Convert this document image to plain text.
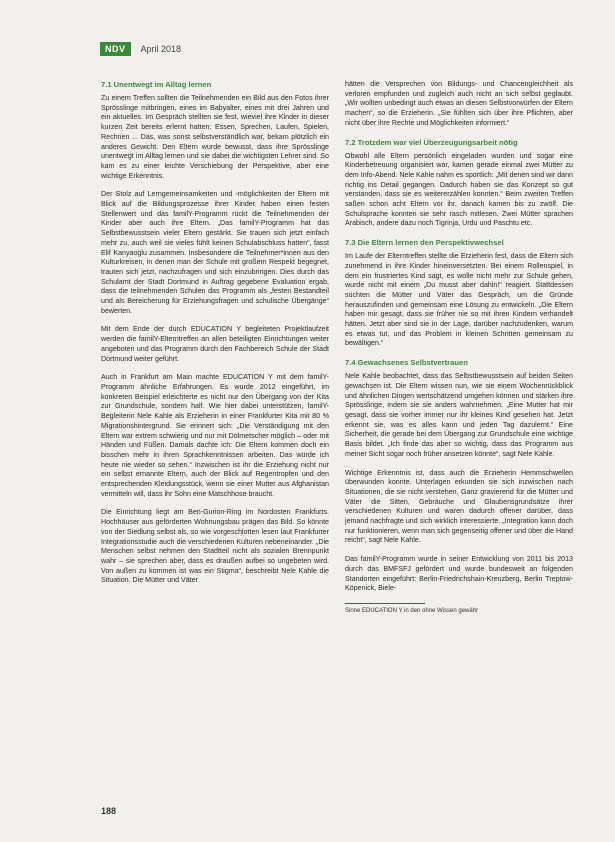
NDV	April 2018
7.1 Unentwegt im Alltag lernen

Zu einem Treffen sollten die Teilnehmenden ein Bild aus den Fotos ihrer Sprösslinge mitbringen, eines im Babyalter, eines mit drei Jahren und ein aktuelles. Im Gespräch stellten sie fest, wieviel ihre Kinder in dieser kurzen Zeit bereits erlernt hatten: Essen, Sprechen, Laufen, Spielen, Rechnen ... Das, was sonst selbstverständlich war, bekam plötzlich ein anderes Gewicht. Den Eltern wurde bewusst, dass ihre Sprösslinge unentwegt im Alltag lernen und sie dabei die wichtigsten Lehrer sind. So kam es zu einer leichte Verschiebung der Perspektive, aber eine wichtige Erkenntnis.

Der Stolz auf Lerngemeinsamkeiten und -möglichkeiten der Eltern mit Blick auf die Bildungsprozesse ihrer Kinder haben einen festen Stellenwert und das familY-Programm rückt die Teilnehmenden der Kinder aber auch ihre Eltern. „Das familY-Programm hat das Selbstbewusstsein vieler Eltern gestärkt. Sie trauen sich jetzt einfach mehr zu, auch weil sie vieles fühlt keinen Schulabschluss hatten“, fasst Elif Kanyaoglu zusammen. Insbesondere die Teilnehmer*innen aus den Kulturkreisen, in denen man der Schule mit großem Respekt begegnet, trauten sich jetzt, nachzufragen und sich einzubringen. Dies durch das Schulamt der Stadt Dortmund in Auftrag gegebene Evaluation ergab, dass die teilnehmenden Schulen das Programm als „festen Bestandteil und als Bereicherung für Erziehungsfragen und schulische Übergänge“ bewerten.

Mit dem Ende der durch EDUCATION Y begleiteten Projektlaufzeit werden die familY-Elterntreffen an allen beteiligten Einrichtungen weiter angeboten und das Programm durch den Fachbereich Schule der Stadt Dortmund weiter geführt.

Auch in Frankfurt am Main machte EDUCATION Y mit dem familY-Programm ähnliche Erfahrungen. Es wurde 2012 eingeführt, im konkreten Beispiel erleichterte es nicht nur den Übergang von der Kita zur Grundschule, sondern half. Wie hier dabei unterstützen, familY-Begleiterin Nele Kahle als Erzieherin in einer Frankfurter Kita mit 80 % Migrationshintergrund. Sie erinnert sich: „Die Verständigung mit den Eltern war extrem schwierig und nur mit Dolmetscher möglich – oder mit Händen und Füßen. Damals dachte ich: Die Eltern kommen doch ein bisschen mehr in ihren Sprachkenntnissen arbeiten. Das würde ich heute nie wieder so sehen.“ Inzwischen ist ihr die Erziehung nicht nur ein selbst ernannte Eltern, auch der Blick auf Regentropfen und den entsprechenden Kleidungsstück, wenn sie einer Mutter aus Afghanistan vermitteln will, dass ihr Sohn eine Matschhose braucht.

Die Einrichtung liegt am Ben-Gurion-Ring im Nordosten Frankfurts. Hochhäuser aus geförderten Wohnungsbau prägen das Bild. So könnte von der Siedlung selbst als, so wie vorgeschlotten lesen laut Frankfurter Integrationsstudie auch die verschiedenen Kulturen nebeneinander. „Die Menschen selbst nehmen den Stadtteil nicht als sozialen Brennpunkt wahr – sie sprechen aber, dass es draußen aufbei so ungebeten wird. Von außen zu kommen ist was ein Stigma“, beschreibt Nele Kahle die Situation. Die Mütter und Väter

hätten die Versprechen von Bildungs- und Chancengleichheit als verloren empfunden und zugleich auch nicht an sich selbst geglaubt. „Wir wollten unbedingt auch etwas an diesen Selbstvorwürfen der Eltern machen“, so die Erzieherin. „Sie fühlten sich über ihre Pflichten, aber nicht über ihre Rechte und Möglichkeiten informiert.“

7.2 Trotzdem war viel Überzeugungsarbeit nötig

Obwohl alle Eltern persönlich eingeladen wurden und sogar eine Kinderbetreuung organisiert war, kamen gerade einmal zwei Mütter zu dem Info-Abend. Nele Kahle nahm es sportlich: „Mit denen sind wir dann richtig ins Detail gegangen. Dadurch haben sie das Konzept so gut verstanden, dass sie es weitererzählen konnten.“ Beim zweiten Treffen saßen schon acht Eltern vor ihr, danach kamen bis zu zwölf. Die Schulsprache konnten sie sehr rasch mitlesen. Zwei Mütter sprachen Arabisch, andere dazu noch Tigrinja, Urdu und Paschtu etc.

7.3 Die Eltern lernen den Perspektivwechsel

Im Laufe der Elterntreffen stellte die Erzieherin fest, dass die Eltern sich zunehmend in ihre Kinder hineinversetzten. Bei einem Rollenspiel, in dem ein frustriertes Kind sagt, es wolle nicht mehr zur Schule gehen, wurde nicht mit einem „Du musst aber dahin!“ reagiert. Stattdessen suchten die Mütter und Väter das Gespräch, um die Gründe herauszufinden und gemeinsam eine Lösung zu entwickeln. „Die Eltern haben mir gesagt, dass sie früher nie so mit ihren Kindern verhandelt hätten. Jetzt aber sind sie in der Lage, darüber nachzudenken, warum es etwas tut, und das Problem in kleinen Schritten gemeinsam zu bewältigen.“

7.4 Gewachsenes Selbstvertrauen

Nele Kahle beobachtet, dass das Selbstbewusstsein auf beiden Seiten gewachsen ist. Die Eltern wissen nun, wie sie einem Wochenrückblick und ähnlichen Dingen wertschätzend umgehen können und stärken ihre Sprösslinge, indem sie sie anders wahrnehmen. „Eine Mutter hat mir gesagt, dass sie vorher immer nur ihr kleines Kind gesehen hat. Jetzt erkennt sie, was es alles kann und jeden Tag dazulernt.“ Eine Sicherheit, die gerade bei dem Übergang zur Grundschule eine wichtige Basis bildet. „Ich finde das aber so wichtig, dass das Programm aus meiner Sicht sogar noch früher ansetzen könnte“, sagt Nele Kahle.

Wichtige Erkenntnis ist, dass auch die Erzieherin Hemmschwellen überwunden konnte. Unterlagen erkunden sie sich inzwischen nach Situationen, die sie nicht verstehen. Ganz gravierend für die Mütter und Väter die Sitten, Gebräuche und Glaubensgrundsätze ihrer verschiedenen Kulturen und waren dadurch offener darüber, dass jemand nachfragte und sich wirklich interessierte. „Integration kann doch nur funktionieren, wenn man sich gegenseitig offener und über die Hand reicht“, sagt Nele Kahle.

Das familY-Programm wurde in seiner Entwicklung von 2011 bis 2013 durch das BMFSFJ gefördert und wurde bundesweit an folgenden Standorten eingeführt: Berlin-Friedrichshain-Kreuzberg, Berlin Treptow-Köpenick, Biele-

Sinne EDUCATION Y in den ohne Wissen gewähr
188
